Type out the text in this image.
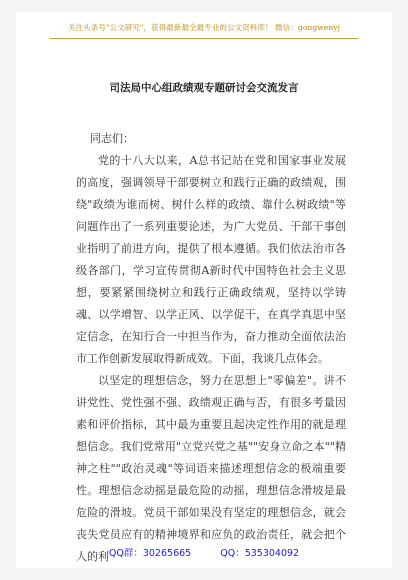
关注头条号"公文研究"，获得最新最全最专业的公文资料库！ 微信：gongwenyj
司法局中心组政绩观专题研讨会交流发言
同志们：

党的十八大以来，A总书记站在党和国家事业发展的高度，强调领导干部要树立和践行正确的政绩观，围绕"政绩为谁而树、树什么样的政绩、靠什么树政绩"等问题作出了一系列重要论述，为广大党员、干部干事创业指明了前进方向，提供了根本遵循。我们依法治市各级各部门，学习宣传贯彻A新时代中国特色社会主义思想，要紧紧围绕树立和践行正确政绩观，坚持以学铸魂、以学增智、以学正风、以学促干，在真学真思中坚定信念，在知行合一中担当作为，奋力推动全面依法治市工作创新发展取得新成效。下面，我谈几点体会。

以坚定的理想信念，努力在思想上"零偏差"。讲不讲党性、党性强不强、政绩观正确与否，有很多考量因素和评价指标，其中最为重要且起决定性作用的就是理想信念。我们党常用"立党兴党之基""安身立命之本""精神之柱""政治灵魂"等词语来描述理想信念的极端重要性。理想信念动摇是最危险的动摇，理想信念滑坡是最危险的滑坡。党员干部如果没有坚定的理想信念，就会丧失党员应有的精神境界和应负的政治责任，就会把个人的利 QQ群：30265665	QQ：535304092
